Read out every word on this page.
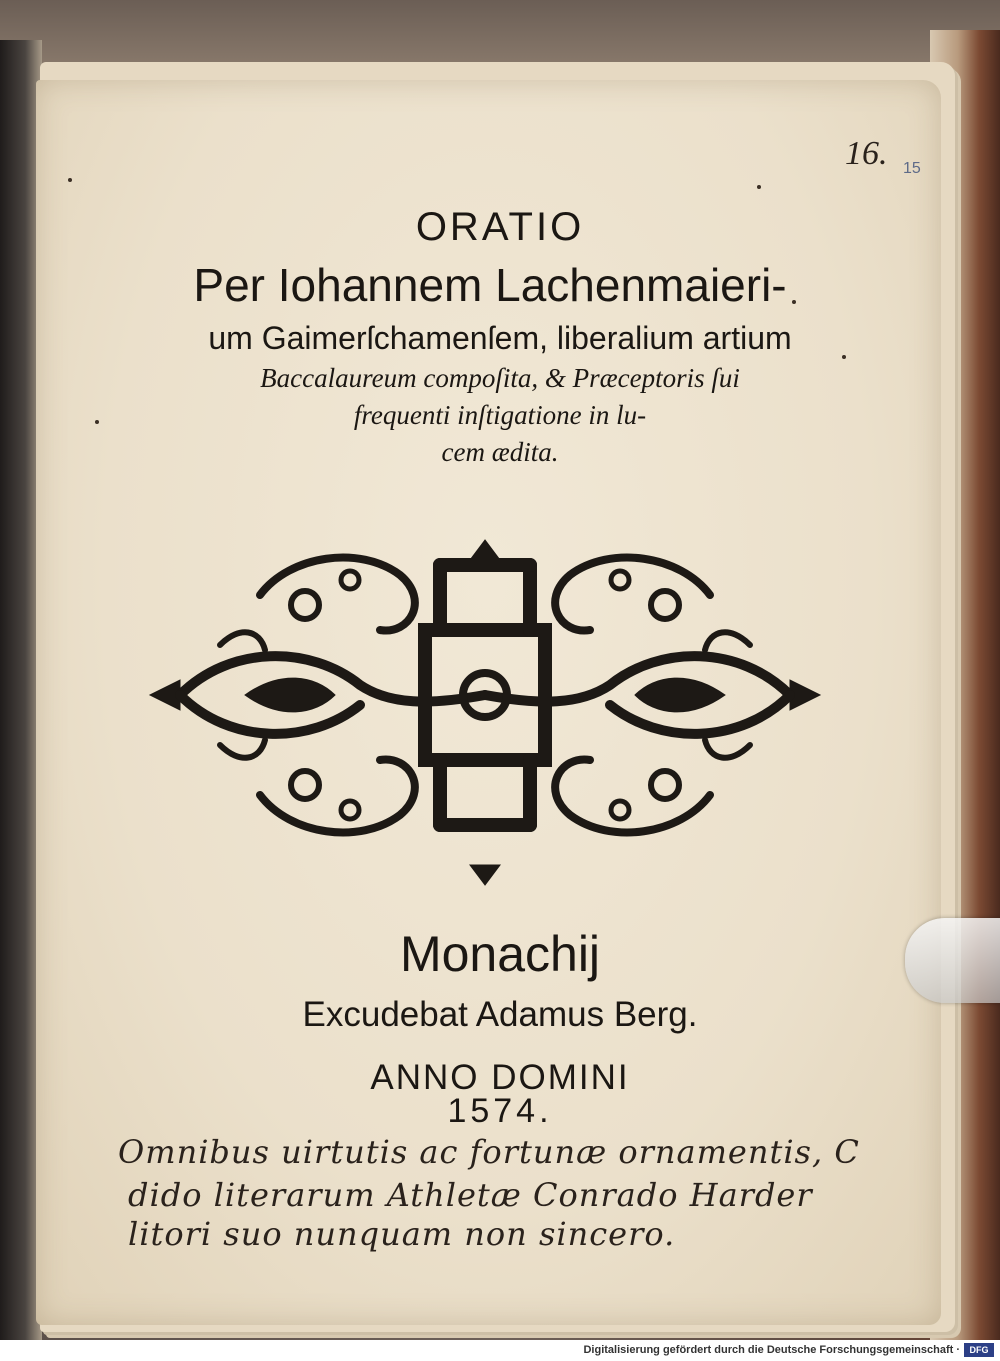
16. 15
ORATIO
Per Iohannem Lachenmaieri-
um Gaimerſchamenſem, liberalium artium
Baccalaureum compoſita, & Præceptoris ſui
frequenti inſtigatione in lu-
cem ædita.
Monachij
Excudebat Adamus Berg.
ANNO DOMINI
1574.
Omnibus uirtutis ac fortunæ ornamentis, C
dido literarum Athletæ Conrado Harder
litori suo nunquam non sincero.
Digitalisierung gefördert durch die Deutsche Forschungsgemeinschaft ·	DFG
